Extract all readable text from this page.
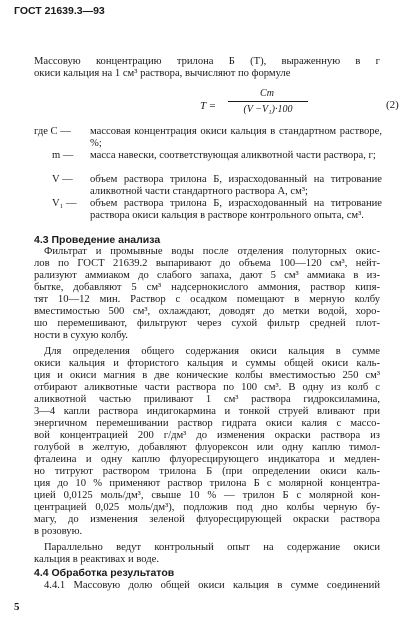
ГОСТ 21639.3—93
Массовую концентрацию трилона Б (T), выраженную в г
окиси кальция на 1 см³ раствора, вычисляют по формуле
T =
Cm
(V −V₁)·100	(2)
где C —	массовая концентрация окиси кальция в стандартном растворе, %;
m —	масса навески, соответствующая аликвотной части раствора, г;
V —	объем раствора трилона Б, израсходованный на титрование аликвотной части стандартного раствора А, см³;
V₁ —	объем раствора трилона Б, израсходованный на титрование раствора окиси кальция в растворе контрольного опыта, см³.
4.3 Проведение анализа
Фильтрат и промывные воды после отделения полуторных окис-
лов по ГОСТ 21639.2 выпаривают до объема 100—120 см³, нейт-
рализуют аммиаком до слабого запаха, дают 5 см³ аммиака в из-
бытке, добавляют 5 см³ надсернокислого аммония, раствор кипя-
тят 10—12 мин. Раствор с осадком помещают в мерную колбу
вместимостью 500 см³, охлаждают, доводят до метки водой, хоро-
шо перемешивают, фильтруют через сухой фильтр средней плот-
ности в сухую колбу.
Для определения общего содержания окиси кальция в сумме
окиси кальция и фтористого кальция и суммы общей окиси каль-
ция и окиси магния в две конические колбы вместимостью 250 см³
отбирают аликвотные части раствора по 100 см³. В одну из колб с
аликвотной частью приливают 1 см³ раствора гидроксиламина,
3—4 капли раствора индигокармина и тонкой струей вливают при
энергичном перемешивании раствор гидрата окиси калия с массо-
вой концентрацией 200 г/дм³ до изменения окраски раствора из
голубой в желтую, добавляют флуорексон или одну каплю тимол-
фталеина и одну каплю флуоресцирующего индикатора и медлен-
но титруют раствором трилона Б (при определении окиси каль-
ция до 10 % применяют раствор трилона Б с молярной концентра-
цией 0,0125 моль/дм³, свыше 10 % — трилон Б с молярной кон-
центрацией 0,025 моль/дм³), подложив под дно колбы черную бу-
магу, до изменения зеленой флуоресцирующей окраски раствора
в розовую.
Параллельно ведут контрольный опыт на содержание окиси
кальция в реактивах и воде.
4.4 Обработка результатов
4.4.1 Массовую долю общей окиси кальция в сумме соединений
5
